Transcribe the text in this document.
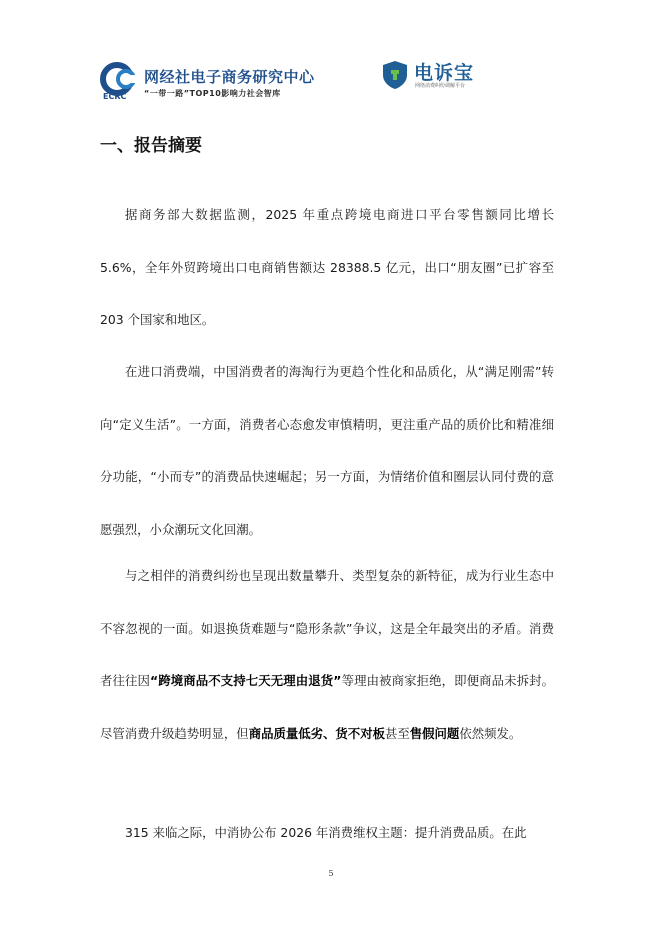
ECRC
网经社电子商务研究中心
“一带一路”TOP10影响力社会智库
电诉宝
网络消费纠纷调解平台
一、报告摘要

据商务部大数据监测，2025 年重点跨境电商进口平台零售额同比增长 5.6%，全年外贸跨境出口电商销售额达 28388.5 亿元，出口“朋友圈”已扩容至 203 个国家和地区。

在进口消费端，中国消费者的海淘行为更趋个性化和品质化，从“满足刚需”转向“定义生活”。一方面，消费者心态愈发审慎精明，更注重产品的质价比和精准细分功能，“小而专”的消费品快速崛起；另一方面，为情绪价值和圈层认同付费的意愿强烈，小众潮玩文化回潮。

与之相伴的消费纠纷也呈现出数量攀升、类型复杂的新特征，成为行业生态中不容忽视的一面。如退换货难题与“隐形条款”争议，这是全年最突出的矛盾。消费者往往因“跨境商品不支持七天无理由退货”等理由被商家拒绝，即便商品未拆封。尽管消费升级趋势明显，但商品质量低劣、货不对板甚至售假问题依然频发。

315 来临之际，中消协公布 2026 年消费维权主题：提升消费品质。在此

5
